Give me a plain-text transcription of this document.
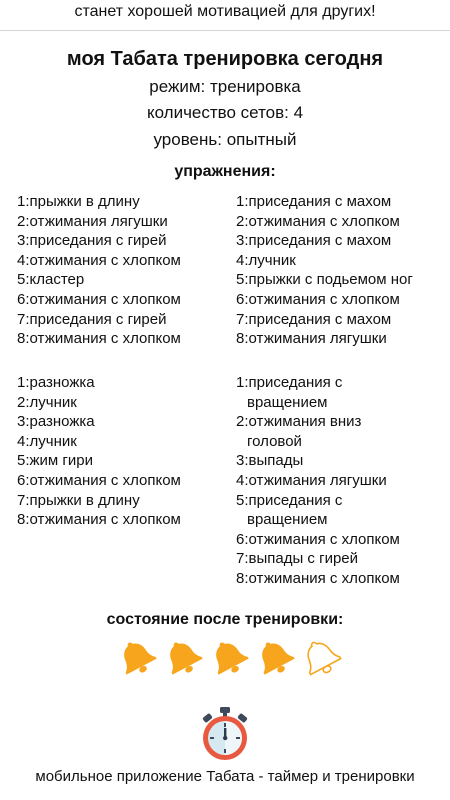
станет хорошей мотивацией для других!
моя Табата тренировка сегодня
режим: тренировка
количество сетов: 4
уровень: опытный
упражнения:
1:прыжки в длину
2:отжимания лягушки
3:приседания с гирей
4:отжимания с хлопком
5:кластер
6:отжимания с хлопком
7:приседания с гирей
8:отжимания с хлопком
1:приседания с махом
2:отжимания с хлопком
3:приседания с махом
4:лучник
5:прыжки с подьемом ног
6:отжимания с хлопком
7:приседания с махом
8:отжимания лягушки
1:разножка
2:лучник
3:разножка
4:лучник
5:жим гири
6:отжимания с хлопком
7:прыжки в длину
8:отжимания с хлопком
1:приседания с
вращением
2:отжимания вниз
головой
3:выпады
4:отжимания лягушки
5:приседания с
вращением
6:отжимания с хлопком
7:выпады с гирей
8:отжимания с хлопком
состояние после тренировки:
мобильное приложение Табата - таймер и тренировки
